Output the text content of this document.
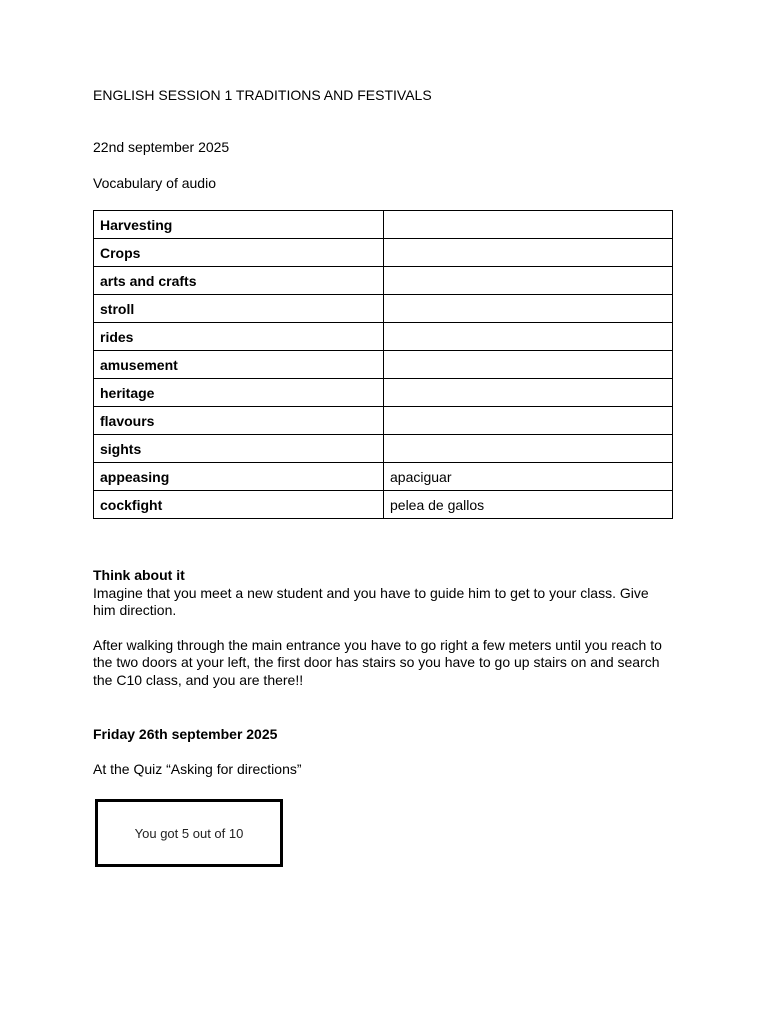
ENGLISH SESSION 1 TRADITIONS AND FESTIVALS
22nd september 2025
Vocabulary of audio
Harvesting	
Crops	
arts and crafts	
stroll	
rides	
amusement	
heritage	
flavours	
sights	
appeasing	apaciguar
cockfight	pelea de gallos

Think about it

Imagine that you meet a new student and you have to guide him to get to your class. Give him direction.

After walking through the main entrance you have to go right a few meters until you reach to the two doors at your left, the first door has stairs so you have to go up stairs on and search the C10 class, and you are there!!

Friday 26th september 2025
At the Quiz “Asking for directions”
You got 5 out of 10
